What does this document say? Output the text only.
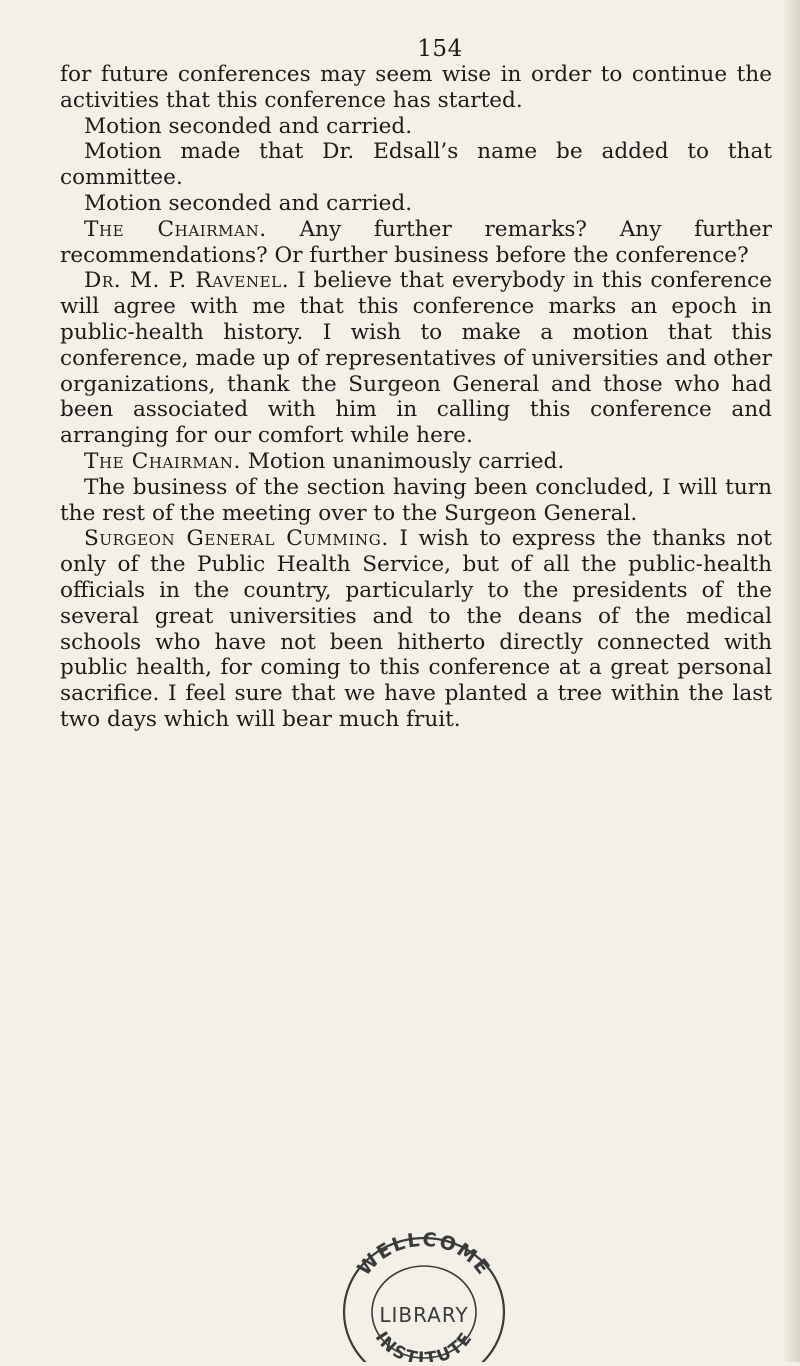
154

for future conferences may seem wise in order to continue the activities that this conference has started.

Motion seconded and carried.

Motion made that Dr. Edsall’s name be added to that committee.

Motion seconded and carried.

The Chairman. Any further remarks? Any further recommendations? Or further business before the conference?

Dr. M. P. Ravenel. I believe that everybody in this conference will agree with me that this conference marks an epoch in public-health history. I wish to make a motion that this conference, made up of representatives of universities and other organizations, thank the Surgeon General and those who had been associated with him in calling this conference and arranging for our comfort while here.

The Chairman. Motion unanimously carried.

The business of the section having been concluded, I will turn the rest of the meeting over to the Surgeon General.

Surgeon General Cumming. I wish to express the thanks not only of the Public Health Service, but of all the public-health officials in the country, particularly to the presidents of the several great universities and to the deans of the medical schools who have not been hitherto directly connected with public health, for coming to this conference at a great personal sacrifice. I feel sure that we have planted a tree within the last two days which will bear much fruit.

WELLCOME
LIBRARY
INSTITUTE
